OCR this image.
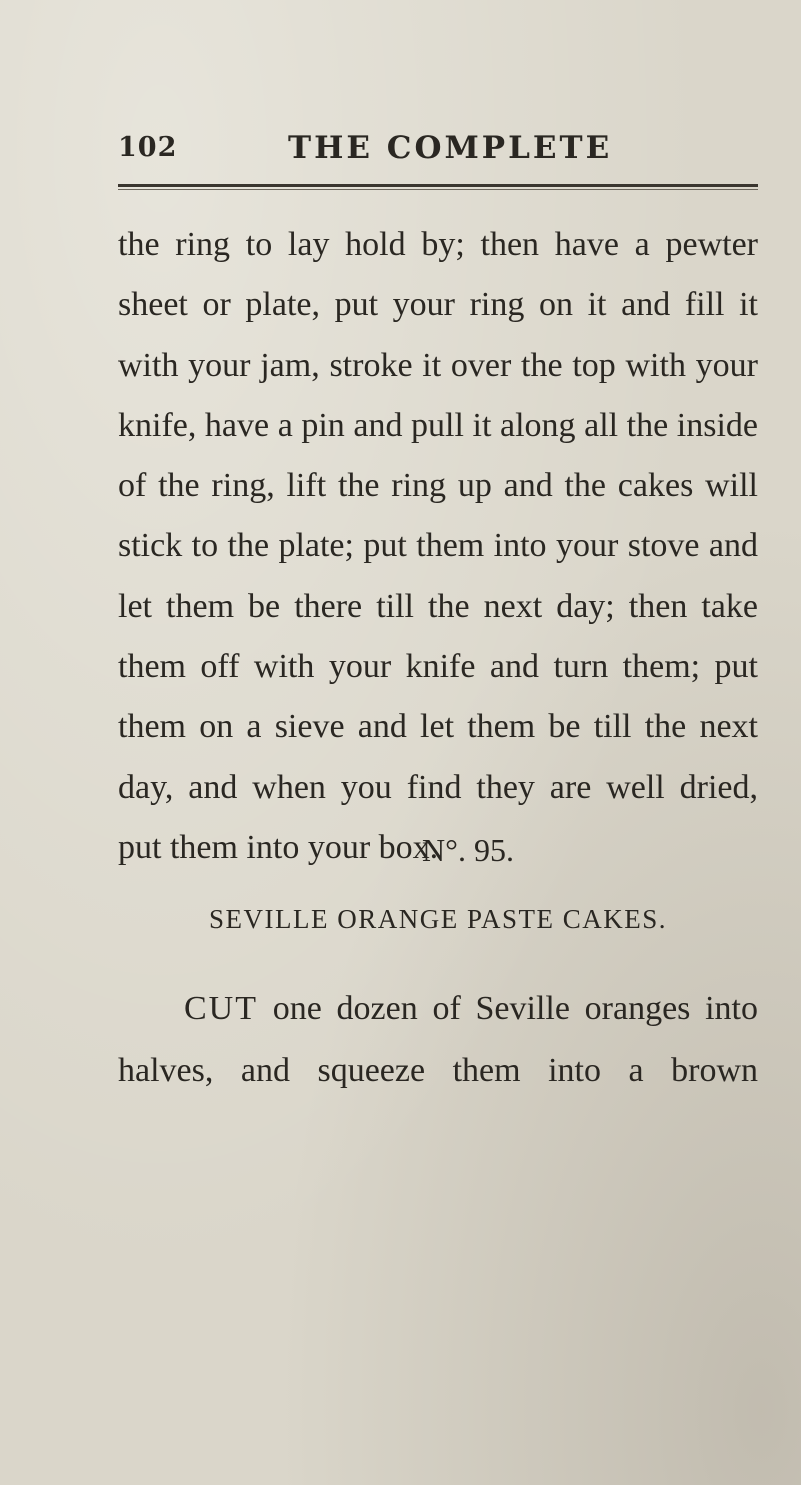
102	THE COMPLETE

the ring to lay hold by; then have a pewter sheet or plate, put your ring on it and fill it with your jam, stroke it over the top with your knife, have a pin and pull it along all the inside of the ring, lift the ring up and the cakes will stick to the plate; put them into your stove and let them be there till the next day; then take them off with your knife and turn them; put them on a sieve and let them be till the next day, and when you find they are well dried, put them into your box.

N°. 95.
SEVILLE ORANGE PASTE CAKES.

CUT one dozen of Seville oranges into halves, and squeeze them into a brown
